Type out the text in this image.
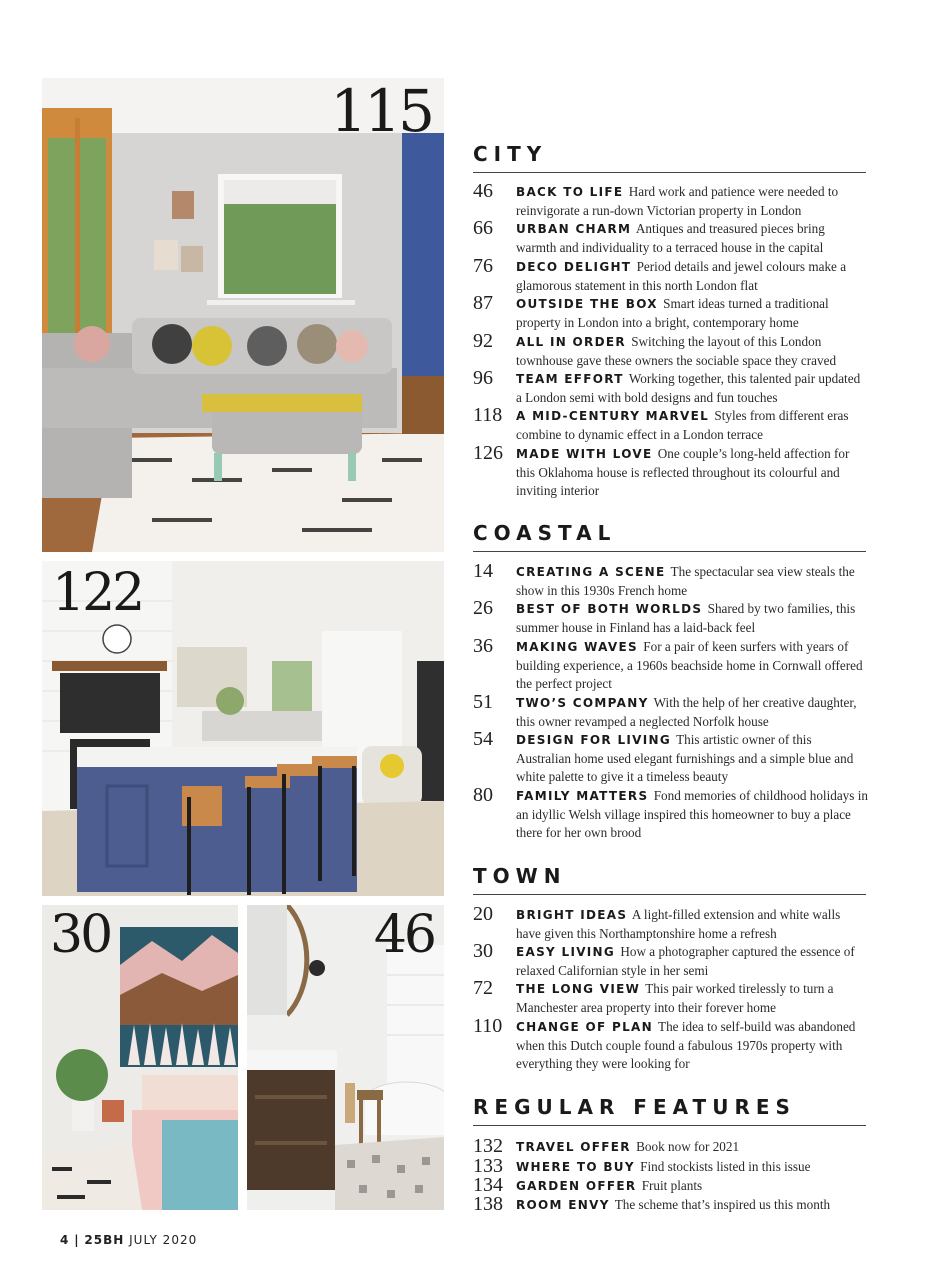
115
122
30	46
CITY
46 BACK TO LIFE Hard work and patience were needed to reinvigorate a run-down Victorian property in London
66 URBAN CHARM Antiques and treasured pieces bring warmth and individuality to a terraced house in the capital
76 DECO DELIGHT Period details and jewel colours make a glamorous statement in this north London flat
87 OUTSIDE THE BOX Smart ideas turned a traditional property in London into a bright, contemporary home
92 ALL IN ORDER Switching the layout of this London townhouse gave these owners the sociable space they craved
96 TEAM EFFORT Working together, this talented pair updated a London semi with bold designs and fun touches
118 A MID-CENTURY MARVEL Styles from different eras combine to dynamic effect in a London terrace
126 MADE WITH LOVE One couple’s long-held affection for this Oklahoma house is reflected throughout its colourful and inviting interior
COASTAL
14 CREATING A SCENE The spectacular sea view steals the show in this 1930s French home
26 BEST OF BOTH WORLDS Shared by two families, this summer house in Finland has a laid-back feel
36 MAKING WAVES For a pair of keen surfers with years of building experience, a 1960s beachside home in Cornwall offered the perfect project
51 TWO’S COMPANY With the help of her creative daughter, this owner revamped a neglected Norfolk house
54 DESIGN FOR LIVING This artistic owner of this Australian home used elegant furnishings and a simple blue and white palette to give it a timeless beauty
80 FAMILY MATTERS Fond memories of childhood holidays in an idyllic Welsh village inspired this homeowner to buy a place there for her own brood
TOWN
20 BRIGHT IDEAS A light-filled extension and white walls have given this Northamptonshire home a refresh
30 EASY LIVING How a photographer captured the essence of relaxed Californian style in her semi
72 THE LONG VIEW This pair worked tirelessly to turn a Manchester area property into their forever home
110 CHANGE OF PLAN The idea to self-build was abandoned when this Dutch couple found a fabulous 1970s property with everything they were looking for
REGULAR FEATURES
132 TRAVEL OFFER Book now for 2021
133 WHERE TO BUY Find stockists listed in this issue
134 GARDEN OFFER Fruit plants
138 ROOM ENVY The scheme that’s inspired us this month
4 | 25BH JULY 2020
